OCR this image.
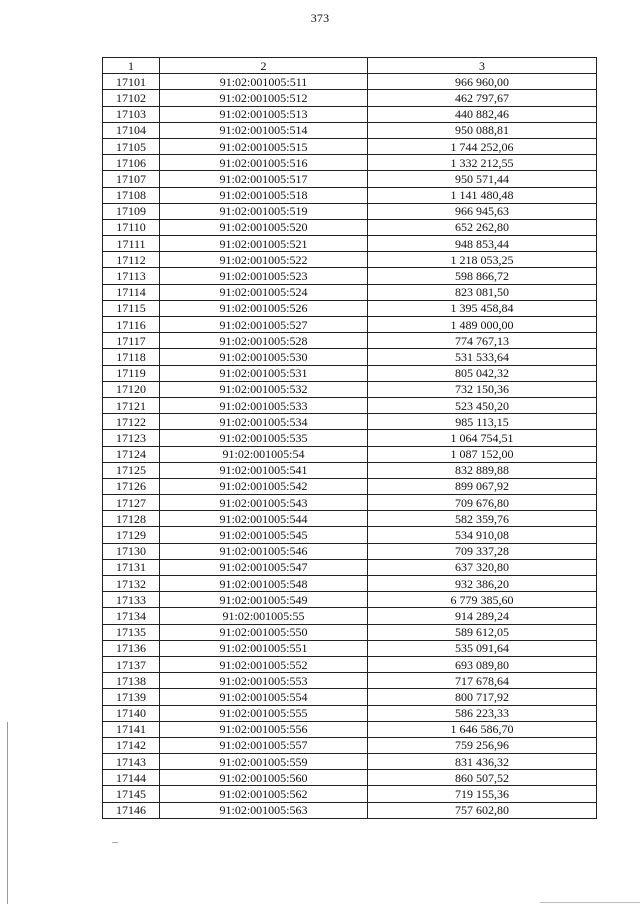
373
1	2	3
17101	91:02:001005:511	966 960,00
17102	91:02:001005:512	462 797,67
17103	91:02:001005:513	440 882,46
17104	91:02:001005:514	950 088,81
17105	91:02:001005:515	1 744 252,06
17106	91:02:001005:516	1 332 212,55
17107	91:02:001005:517	950 571,44
17108	91:02:001005:518	1 141 480,48
17109	91:02:001005:519	966 945,63
17110	91:02:001005:520	652 262,80
17111	91:02:001005:521	948 853,44
17112	91:02:001005:522	1 218 053,25
17113	91:02:001005:523	598 866,72
17114	91:02:001005:524	823 081,50
17115	91:02:001005:526	1 395 458,84
17116	91:02:001005:527	1 489 000,00
17117	91:02:001005:528	774 767,13
17118	91:02:001005:530	531 533,64
17119	91:02:001005:531	805 042,32
17120	91:02:001005:532	732 150,36
17121	91:02:001005:533	523 450,20
17122	91:02:001005:534	985 113,15
17123	91:02:001005:535	1 064 754,51
17124	91:02:001005:54	1 087 152,00
17125	91:02:001005:541	832 889,88
17126	91:02:001005:542	899 067,92
17127	91:02:001005:543	709 676,80
17128	91:02:001005:544	582 359,76
17129	91:02:001005:545	534 910,08
17130	91:02:001005:546	709 337,28
17131	91:02:001005:547	637 320,80
17132	91:02:001005:548	932 386,20
17133	91:02:001005:549	6 779 385,60
17134	91:02:001005:55	914 289,24
17135	91:02:001005:550	589 612,05
17136	91:02:001005:551	535 091,64
17137	91:02:001005:552	693 089,80
17138	91:02:001005:553	717 678,64
17139	91:02:001005:554	800 717,92
17140	91:02:001005:555	586 223,33
17141	91:02:001005:556	1 646 586,70
17142	91:02:001005:557	759 256,96
17143	91:02:001005:559	831 436,32
17144	91:02:001005:560	860 507,52
17145	91:02:001005:562	719 155,36
17146	91:02:001005:563	757 602,80
